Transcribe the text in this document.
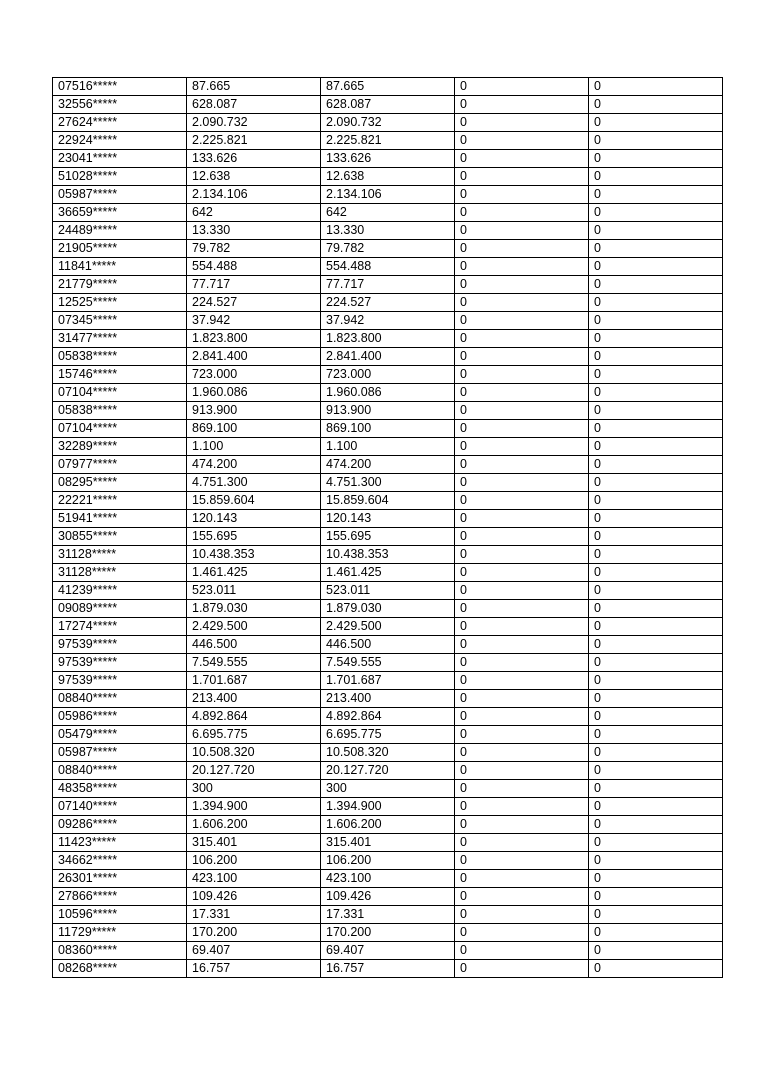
07516*****	87.665	87.665	0	0
32556*****	628.087	628.087	0	0
27624*****	2.090.732	2.090.732	0	0
22924*****	2.225.821	2.225.821	0	0
23041*****	133.626	133.626	0	0
51028*****	12.638	12.638	0	0
05987*****	2.134.106	2.134.106	0	0
36659*****	642	642	0	0
24489*****	13.330	13.330	0	0
21905*****	79.782	79.782	0	0
11841*****	554.488	554.488	0	0
21779*****	77.717	77.717	0	0
12525*****	224.527	224.527	0	0
07345*****	37.942	37.942	0	0
31477*****	1.823.800	1.823.800	0	0
05838*****	2.841.400	2.841.400	0	0
15746*****	723.000	723.000	0	0
07104*****	1.960.086	1.960.086	0	0
05838*****	913.900	913.900	0	0
07104*****	869.100	869.100	0	0
32289*****	1.100	1.100	0	0
07977*****	474.200	474.200	0	0
08295*****	4.751.300	4.751.300	0	0
22221*****	15.859.604	15.859.604	0	0
51941*****	120.143	120.143	0	0
30855*****	155.695	155.695	0	0
31128*****	10.438.353	10.438.353	0	0
31128*****	1.461.425	1.461.425	0	0
41239*****	523.011	523.011	0	0
09089*****	1.879.030	1.879.030	0	0
17274*****	2.429.500	2.429.500	0	0
97539*****	446.500	446.500	0	0
97539*****	7.549.555	7.549.555	0	0
97539*****	1.701.687	1.701.687	0	0
08840*****	213.400	213.400	0	0
05986*****	4.892.864	4.892.864	0	0
05479*****	6.695.775	6.695.775	0	0
05987*****	10.508.320	10.508.320	0	0
08840*****	20.127.720	20.127.720	0	0
48358*****	300	300	0	0
07140*****	1.394.900	1.394.900	0	0
09286*****	1.606.200	1.606.200	0	0
11423*****	315.401	315.401	0	0
34662*****	106.200	106.200	0	0
26301*****	423.100	423.100	0	0
27866*****	109.426	109.426	0	0
10596*****	17.331	17.331	0	0
11729*****	170.200	170.200	0	0
08360*****	69.407	69.407	0	0
08268*****	16.757	16.757	0	0
